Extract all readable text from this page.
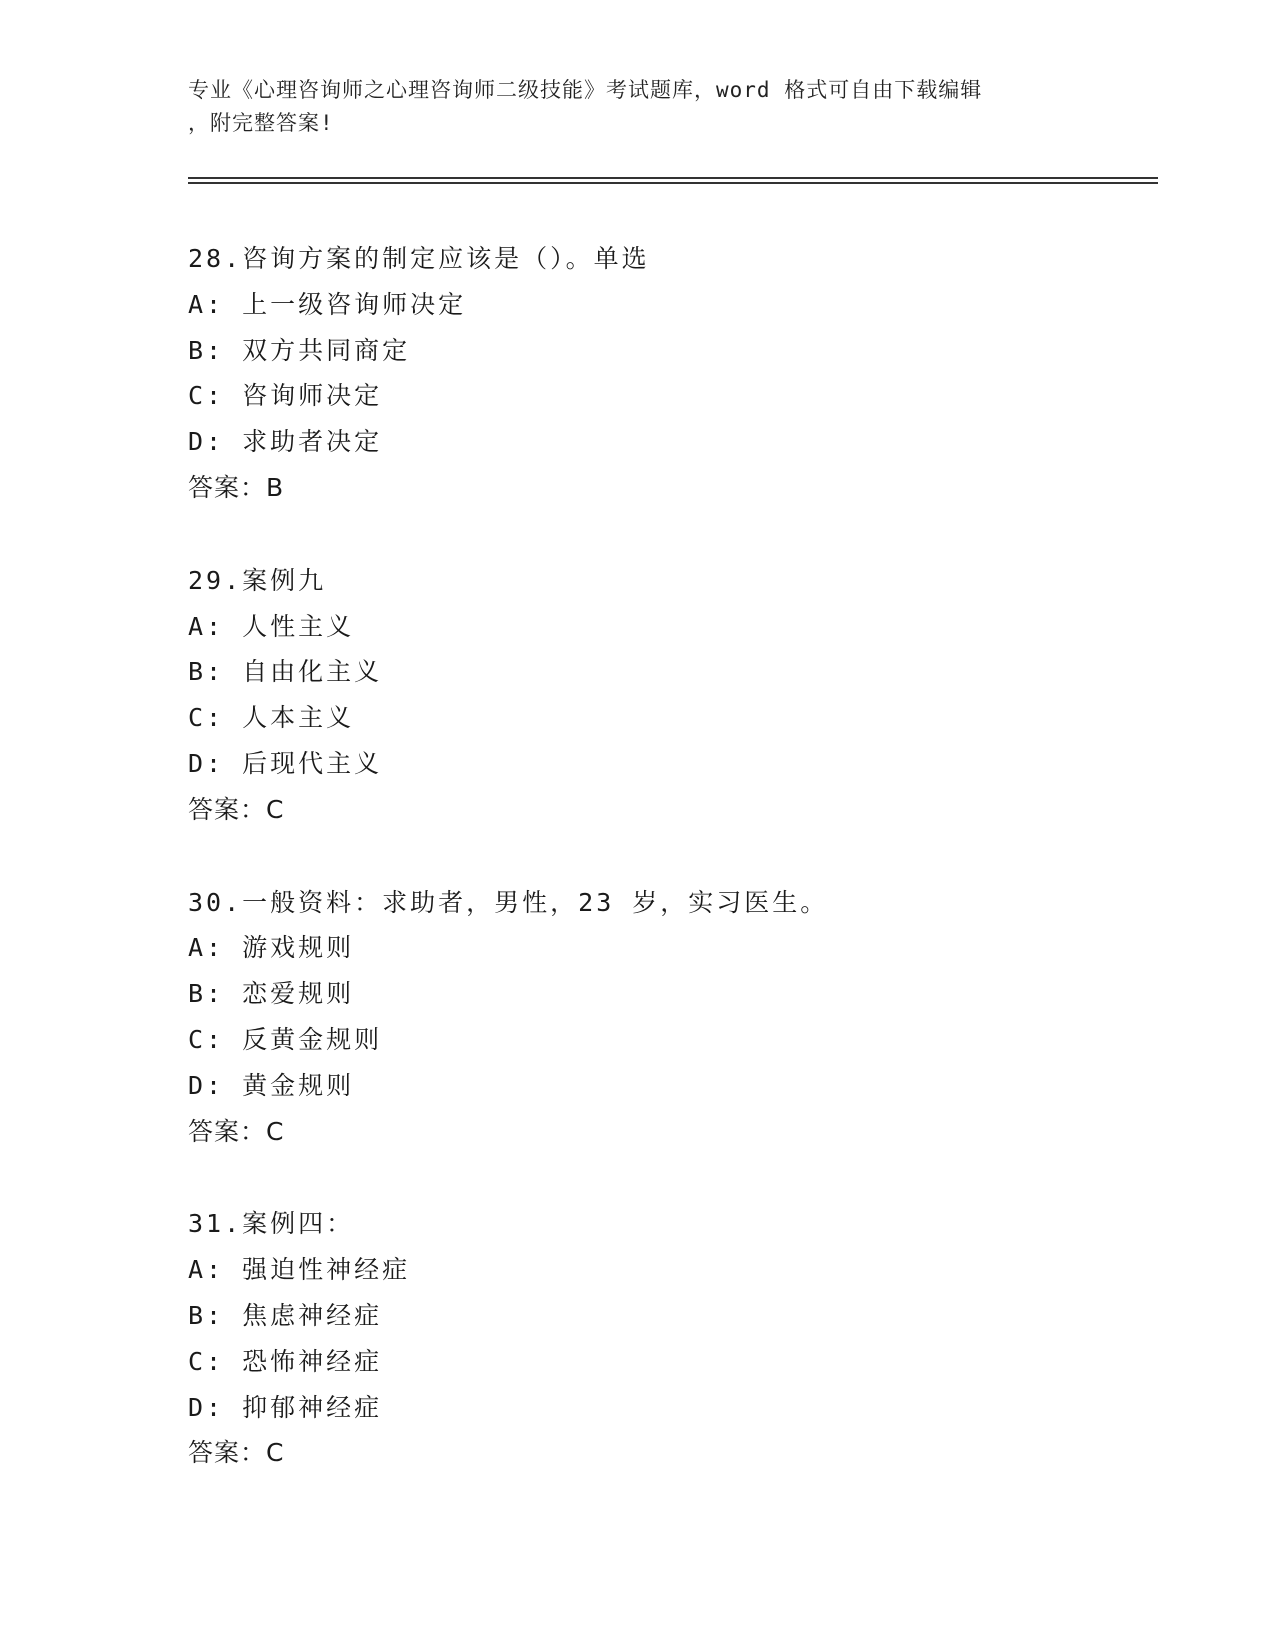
专业《心理咨询师之心理咨询师二级技能》考试题库，word 格式可自由下载编辑
，附完整答案!
28.咨询方案的制定应该是（）。单选
A: 上一级咨询师决定
B: 双方共同商定
C: 咨询师决定
D: 求助者决定
答案：B
29.案例九
A: 人性主义
B: 自由化主义
C: 人本主义
D: 后现代主义
答案：C
30.一般资料：求助者，男性，23 岁，实习医生。
A: 游戏规则
B: 恋爱规则
C: 反黄金规则
D: 黄金规则
答案：C
31.案例四：
A: 强迫性神经症
B: 焦虑神经症
C: 恐怖神经症
D: 抑郁神经症
答案：C
